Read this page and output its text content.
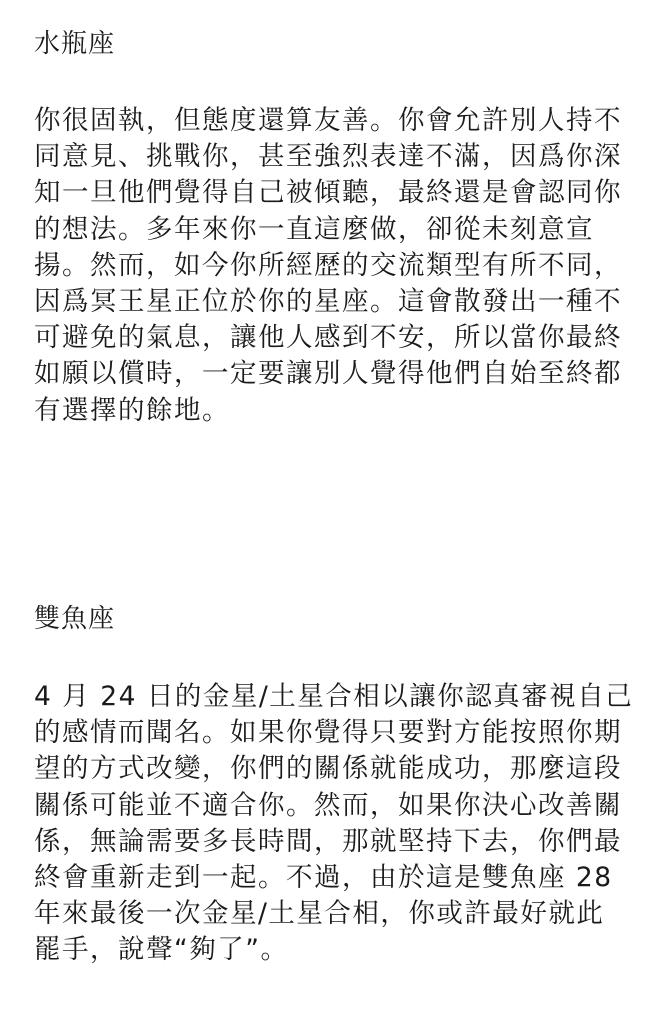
水瓶座
你很固執，但態度還算友善。你會允許別人持不
同意見、挑戰你，甚至強烈表達不滿，因爲你深
知一旦他們覺得自己被傾聽，最終還是會認同你
的想法。多年來你一直這麼做，卻從未刻意宣
揚。然而，如今你所經歷的交流類型有所不同，
因爲冥王星正位於你的星座。這會散發出一種不
可避免的氣息，讓他人感到不安，所以當你最終
如願以償時，一定要讓別人覺得他們自始至終都
有選擇的餘地。
雙魚座
4 月 24 日的金星/土星合相以讓你認真審視自己
的感情而聞名。如果你覺得只要對方能按照你期
望的方式改變，你們的關係就能成功，那麼這段
關係可能並不適合你。然而，如果你決心改善關
係，無論需要多長時間，那就堅持下去，你們最
終會重新走到一起。不過，由於這是雙魚座 28
年來最後一次金星/土星合相，你或許最好就此
罷手，說聲“夠了”。
